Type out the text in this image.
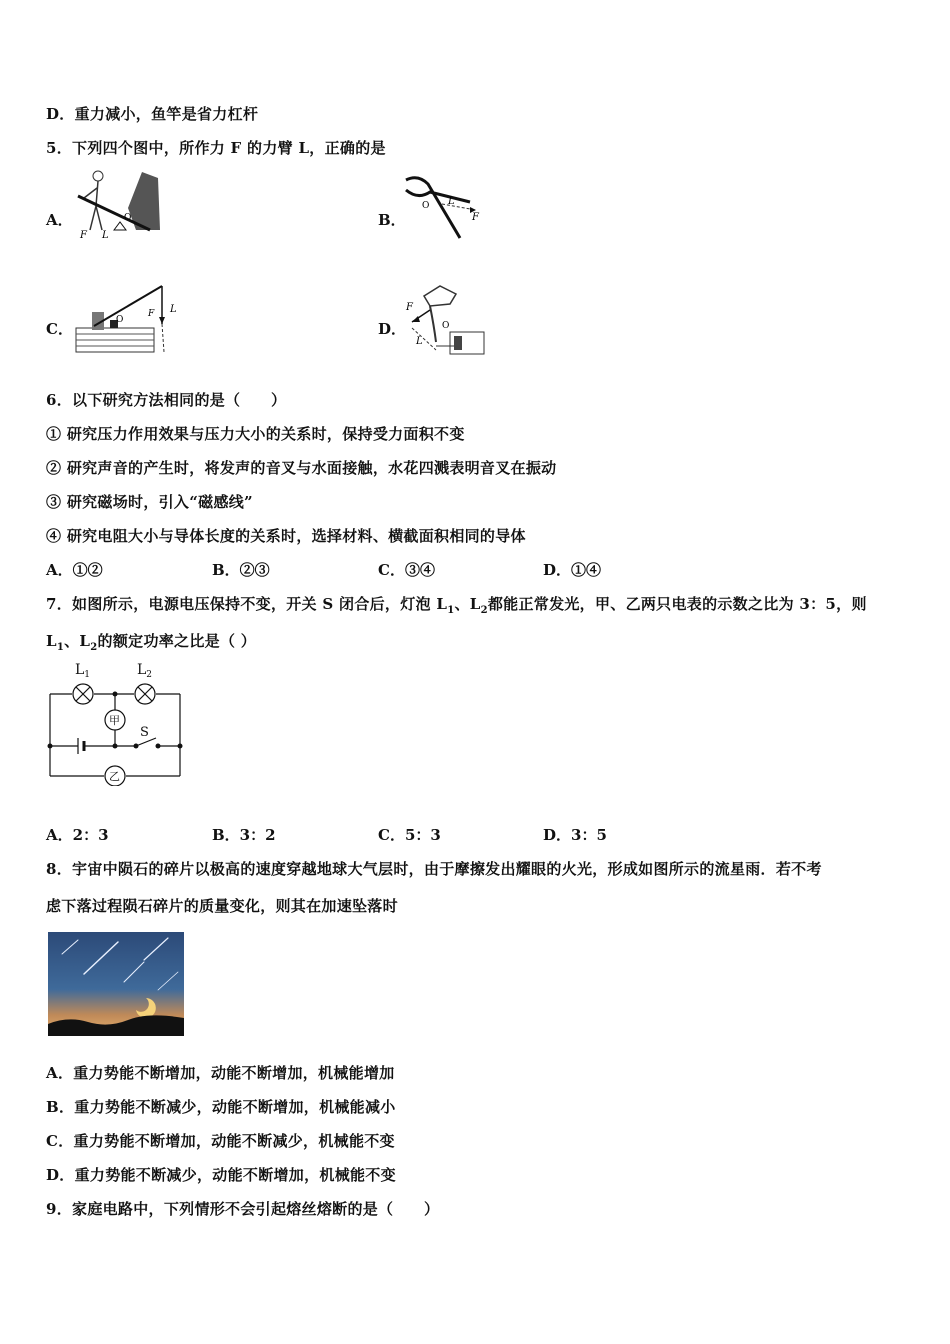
D．重力减小，鱼竿是省力杠杆
5．下列四个图中，所作力 F 的力臂 L，正确的是
A．
F L
O	B．
O L
F
C．	O
F L
D．
F
L
O
6．以下研究方法相同的是（　　）
① 研究压力作用效果与压力大小的关系时，保持受力面积不变
② 研究声音的产生时，将发声的音叉与水面接触，水花四溅表明音叉在振动
③ 研究磁场时，引入“磁感线”
④ 研究电阻大小与导体长度的关系时，选择材料、横截面积相同的导体
A．①②	B．②③	C．③④	D．①④
7．如图所示，电源电压保持不变，开关 S 闭合后，灯泡 $L_1$、$L_2$都能正常发光，甲、乙两只电表的示数之比为 3：5，则
$L_1$、$L_2$的额定功率之比是（ ）
$L_1$	$L_2$
甲
乙
S
A．2：3	B．3：2	C．5：3	D．3：5
8．宇宙中陨石的碎片以极高的速度穿越地球大气层时，由于摩擦发出耀眼的火光，形成如图所示的流星雨．若不考
虑下落过程陨石碎片的质量变化，则其在加速坠落时
A．重力势能不断增加，动能不断增加，机械能增加
B．重力势能不断减少，动能不断增加，机械能减小
C．重力势能不断增加，动能不断减少，机械能不变
D．重力势能不断减少，动能不断增加，机械能不变
9．家庭电路中，下列情形不会引起熔丝熔断的是（　　）
